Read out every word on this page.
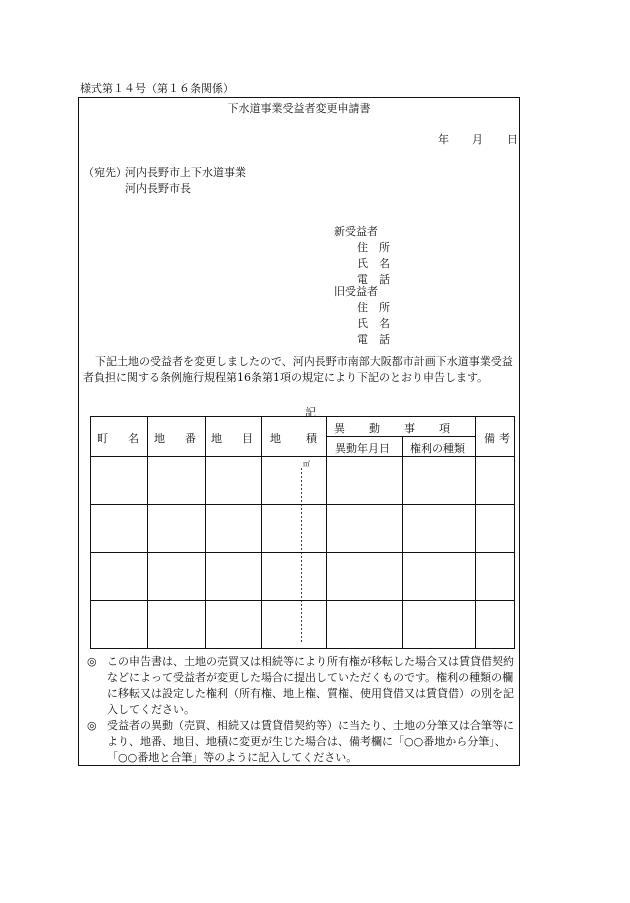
様式第１４号（第１６条関係）
下水道事業受益者変更申請書
年 月 日
（宛先）
河内長野市上下水道事業
河内長野市長
新受益者
住 所
氏 名
電 話
旧受益者
住 所
氏 名
電 話

下記土地の受益者を変更しましたので、河内長野市南部大阪都市計画下水道事業受益者負担に関する条例施行規程第16条第1項の規定により下記のとおり申告します。

記
町 名 地 番 地 目 地 積
異 動 事 項
異動年月日 権利の種類
備 考
㎡

◎ この申告書は、土地の売買又は相続等により所有権が移転した場合又は賃貸借契約などによって受益者が変更した場合に提出していただくものです。権利の種類の欄に移転又は設定した権利（所有権、地上権、質権、使用貸借又は賃貸借）の別を記入してください。

◎ 受益者の異動（売買、相続又は賃貸借契約等）に当たり、土地の分筆又は合筆等により、地番、地目、地積に変更が生じた場合は、備考欄に「○○番地から分筆」、「○○番地と合筆」等のように記入してください。
